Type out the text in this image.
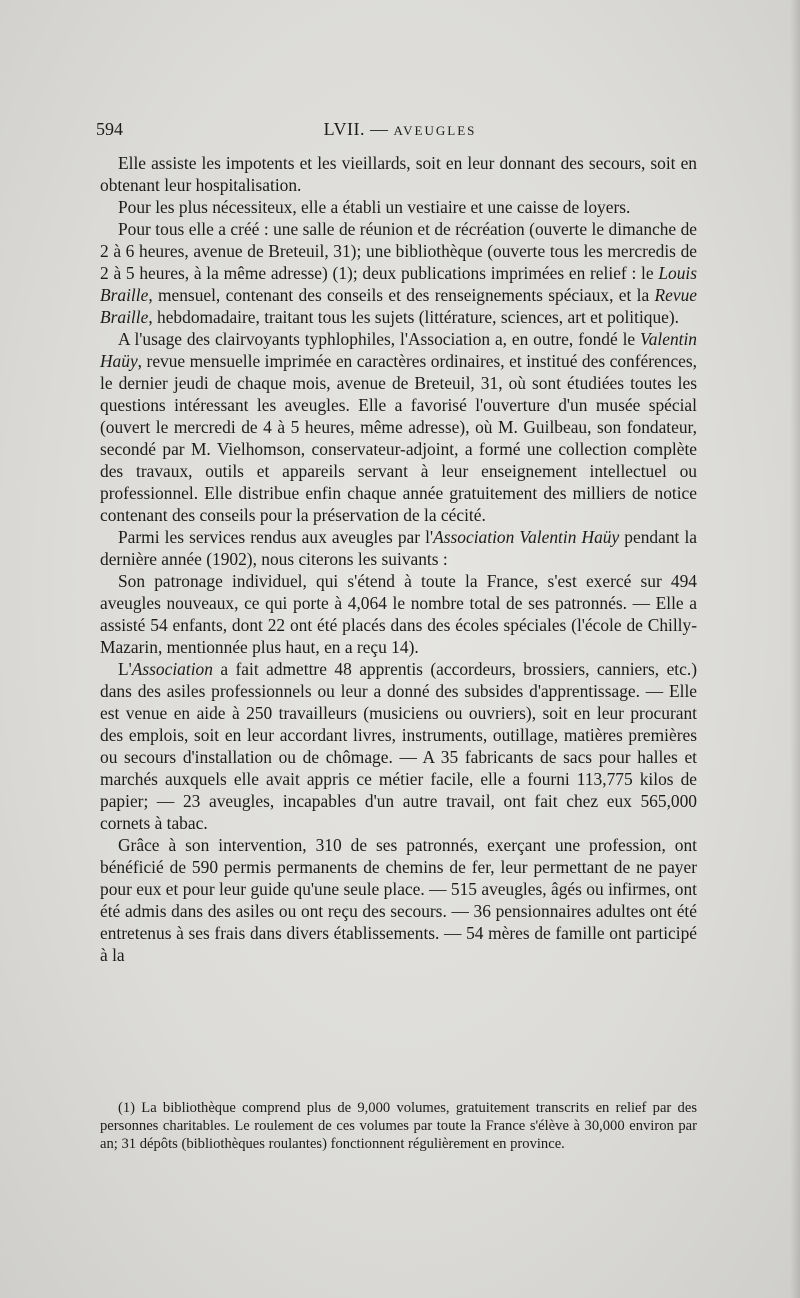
594	LVII. — AVEUGLES

Elle assiste les impotents et les vieillards, soit en leur donnant des secours, soit en obtenant leur hospitalisation.

Pour les plus nécessiteux, elle a établi un vestiaire et une caisse de loyers.

Pour tous elle a créé : une salle de réunion et de récréation (ouverte le dimanche de 2 à 6 heures, avenue de Breteuil, 31); une bibliothèque (ouverte tous les mercredis de 2 à 5 heures, à la même adresse) (1); deux publications imprimées en relief : le Louis Braille, mensuel, contenant des conseils et des renseignements spéciaux, et la Revue Braille, hebdomadaire, traitant tous les sujets (littérature, sciences, art et politique).

A l'usage des clairvoyants typhlophiles, l'Association a, en outre, fondé le Valentin Haüy, revue mensuelle imprimée en caractères ordinaires, et institué des conférences, le dernier jeudi de chaque mois, avenue de Breteuil, 31, où sont étudiées toutes les questions intéressant les aveugles. Elle a favorisé l'ouverture d'un musée spécial (ouvert le mercredi de 4 à 5 heures, même adresse), où M. Guilbeau, son fondateur, secondé par M. Vielhomson, conservateur-adjoint, a formé une collection complète des travaux, outils et appareils servant à leur enseignement intellectuel ou professionnel. Elle distribue enfin chaque année gratuitement des milliers de notice contenant des conseils pour la préservation de la cécité.

Parmi les services rendus aux aveugles par l'Association Valentin Haüy pendant la dernière année (1902), nous citerons les suivants :

Son patronage individuel, qui s'étend à toute la France, s'est exercé sur 494 aveugles nouveaux, ce qui porte à 4,064 le nombre total de ses patronnés. — Elle a assisté 54 enfants, dont 22 ont été placés dans des écoles spéciales (l'école de Chilly-Mazarin, mentionnée plus haut, en a reçu 14).

L'Association a fait admettre 48 apprentis (accordeurs, brossiers, canniers, etc.) dans des asiles professionnels ou leur a donné des subsides d'apprentissage. — Elle est venue en aide à 250 travailleurs (musiciens ou ouvriers), soit en leur procurant des emplois, soit en leur accordant livres, instruments, outillage, matières premières ou secours d'installation ou de chômage. — A 35 fabricants de sacs pour halles et marchés auxquels elle avait appris ce métier facile, elle a fourni 113,775 kilos de papier; — 23 aveugles, incapables d'un autre travail, ont fait chez eux 565,000 cornets à tabac.

Grâce à son intervention, 310 de ses patronnés, exerçant une profession, ont bénéficié de 590 permis permanents de chemins de fer, leur permettant de ne payer pour eux et pour leur guide qu'une seule place. — 515 aveugles, âgés ou infirmes, ont été admis dans des asiles ou ont reçu des secours. — 36 pensionnaires adultes ont été entretenus à ses frais dans divers établissements. — 54 mères de famille ont participé à la

(1) La bibliothèque comprend plus de 9,000 volumes, gratuitement transcrits en relief par des personnes charitables. Le roulement de ces volumes par toute la France s'élève à 30,000 environ par an; 31 dépôts (bibliothèques roulantes) fonctionnent régulièrement en province.
